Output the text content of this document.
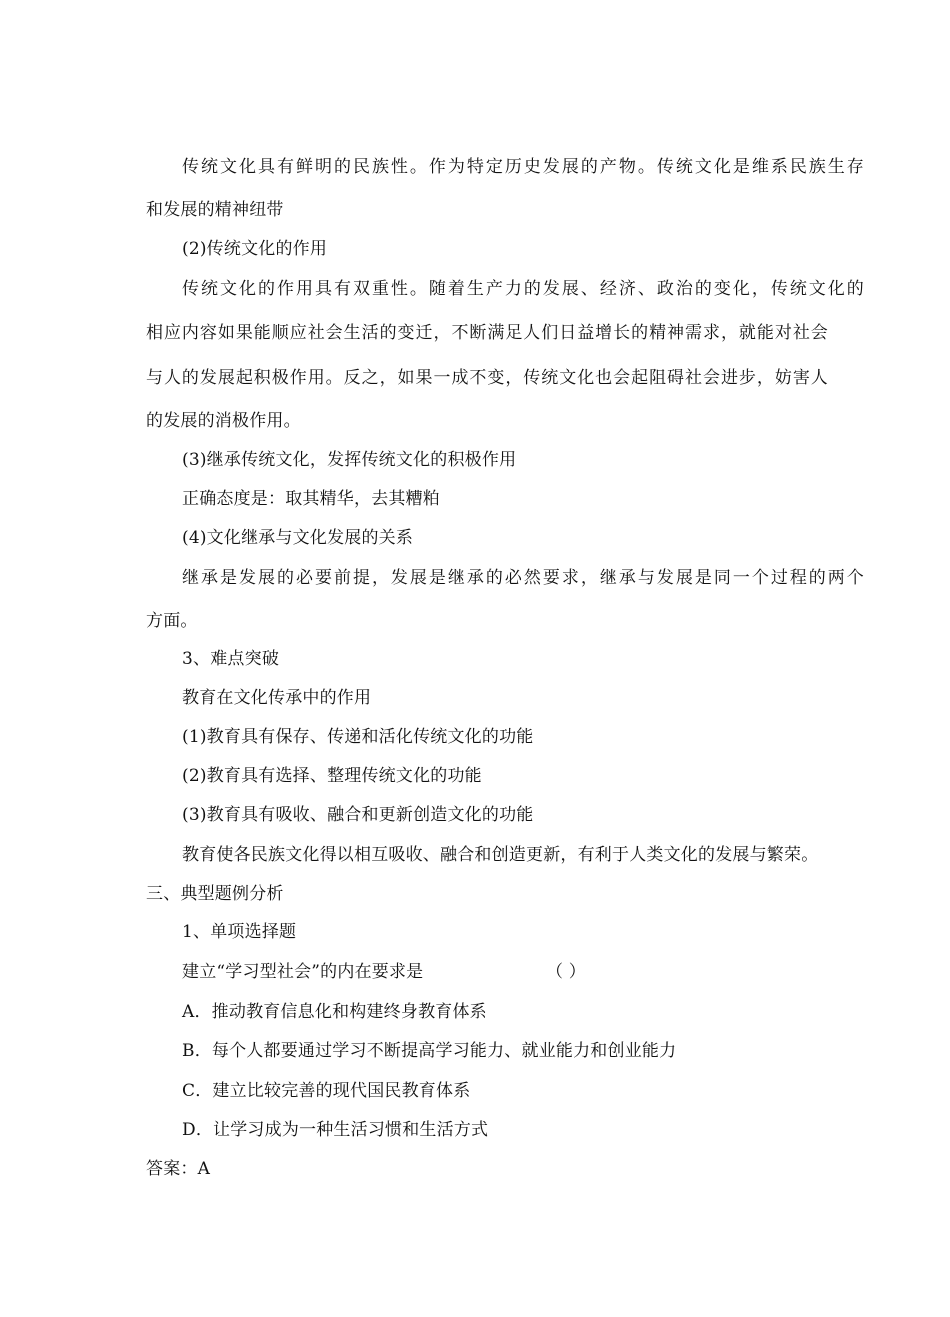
传统文化具有鲜明的民族性。作为特定历史发展的产物。传统文化是维系民族生存
和发展的精神纽带
(2)传统文化的作用
传统文化的作用具有双重性。随着生产力的发展、经济、政治的变化，传统文化的
相应内容如果能顺应社会生活的变迁，不断满足人们日益增长的精神需求，就能对社会
与人的发展起积极作用。反之，如果一成不变，传统文化也会起阻碍社会进步，妨害人
的发展的消极作用。
(3)继承传统文化，发挥传统文化的积极作用
正确态度是：取其精华，去其糟粕
(4)文化继承与文化发展的关系
继承是发展的必要前提，发展是继承的必然要求，继承与发展是同一个过程的两个
方面。
3、难点突破
教育在文化传承中的作用
(1)教育具有保存、传递和活化传统文化的功能
(2)教育具有选择、整理传统文化的功能
(3)教育具有吸收、融合和更新创造文化的功能
教育使各民族文化得以相互吸收、融合和创造更新，有利于人类文化的发展与繁荣。
三、典型题例分析
1、单项选择题
建立“学习型社会”的内在要求是	（ ）
A．推动教育信息化和构建终身教育体系
B．每个人都要通过学习不断提高学习能力、就业能力和创业能力
C．建立比较完善的现代国民教育体系
D．让学习成为一种生活习惯和生活方式
答案：A
